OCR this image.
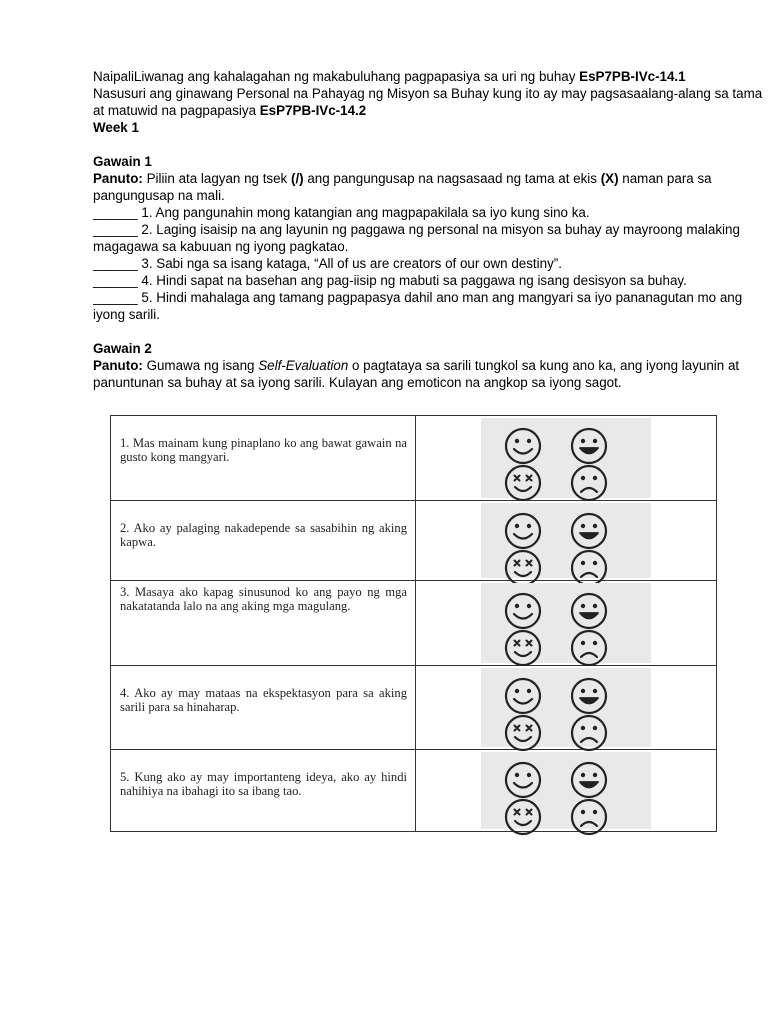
NaipaliLiwanag ang kahalagahan ng makabuluhang pagpapasiya sa uri ng buhay EsP7PB-IVc-14.1

Nasusuri ang ginawang Personal na Pahayag ng Misyon sa Buhay kung ito ay may pagsasaalang-alang sa tama at matuwid na pagpapasiya EsP7PB-IVc-14.2

Week 1

Gawain 1

Panuto: Piliin ata lagyan ng tsek (/) ang pangungusap na nagsasaad ng tama at ekis (X) naman para sa pangungusap na mali.

______ 1. Ang pangunahin mong katangian ang magpapakilala sa iyo kung sino ka.

______ 2. Laging isaisip na ang layunin ng paggawa ng personal na misyon sa buhay ay mayroong malaking magagawa sa kabuuan ng iyong pagkatao.

______ 3. Sabi nga sa isang kataga, “All of us are creators of our own destiny”.

______ 4. Hindi sapat na basehan ang pag-iisip ng mabuti sa paggawa ng isang desisyon sa buhay.

______ 5. Hindi mahalaga ang tamang pagpapasya dahil ano man ang mangyari sa iyo pananagutan mo ang iyong sarili.

Gawain 2

Panuto: Gumawa ng isang Self-Evaluation o pagtataya sa sarili tungkol sa kung ano ka, ang iyong layunin at panuntunan sa buhay at sa iyong sarili. Kulayan ang emoticon na angkop sa iyong sagot.

1. Mas mainam kung pinaplano ko ang bawat gawain na gusto kong mangyari.
2. Ako ay palaging nakadepende sa sasabihin ng aking kapwa.
3. Masaya ako kapag sinusunod ko ang payo ng mga nakatatanda lalo na ang aking mga magulang.
4. Ako ay may mataas na ekspektasyon para sa aking sarili para sa hinaharap.
5. Kung ako ay may importanteng ideya, ako ay hindi nahihiya na ibahagi ito sa ibang tao.
